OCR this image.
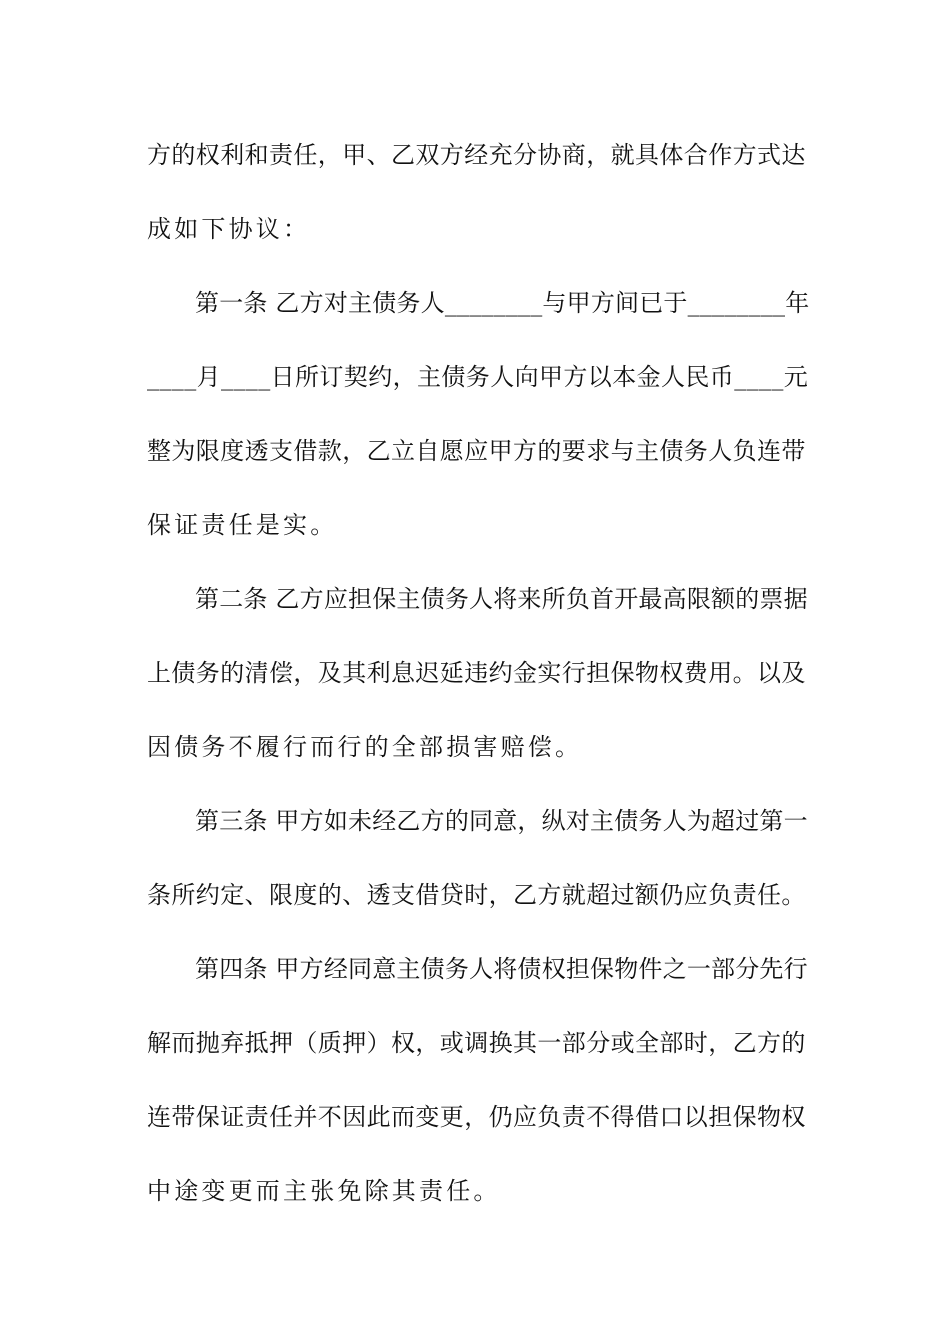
方的权利和责任，甲、乙双方经充分协商，就具体合作方式达
成如下协议：
第一条 乙方对主债务人________与甲方间已于________年
____月____日所订契约，主债务人向甲方以本金人民币____元
整为限度透支借款，乙立自愿应甲方的要求与主债务人负连带
保证责任是实。
第二条 乙方应担保主债务人将来所负首开最高限额的票据
上债务的清偿，及其利息迟延违约金实行担保物权费用。以及
因债务不履行而行的全部损害赔偿。
第三条 甲方如未经乙方的同意，纵对主债务人为超过第一
条所约定、限度的、透支借贷时，乙方就超过额仍应负责任。
第四条 甲方经同意主债务人将债权担保物件之一部分先行
解而抛弃抵押（质押）权，或调换其一部分或全部时，乙方的
连带保证责任并不因此而变更，仍应负责不得借口以担保物权
中途变更而主张免除其责任。
